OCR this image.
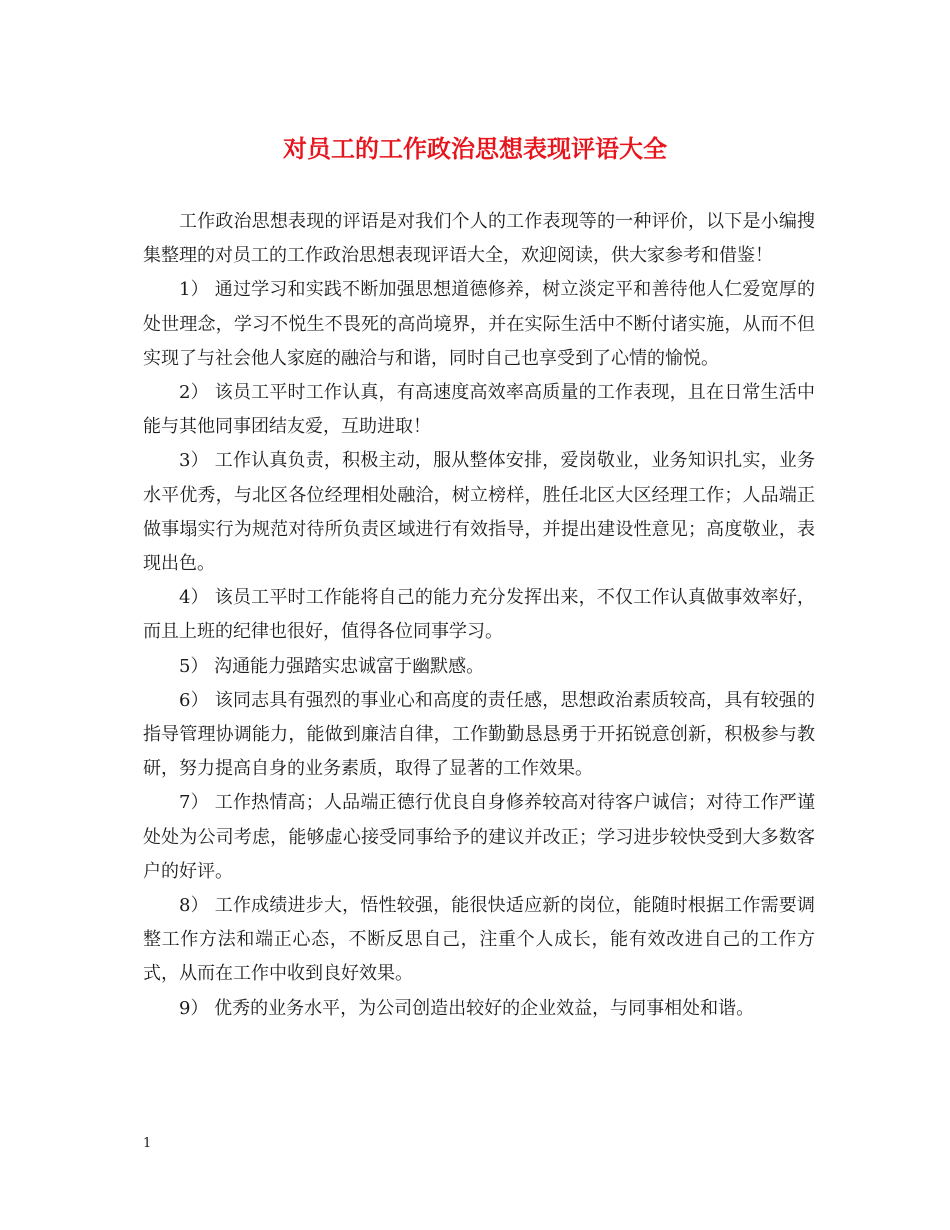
对员工的工作政治思想表现评语大全

工作政治思想表现的评语是对我们个人的工作表现等的一种评价，以下是小编搜集整理的对员工的工作政治思想表现评语大全，欢迎阅读，供大家参考和借鉴！

1） 通过学习和实践不断加强思想道德修养，树立淡定平和善待他人仁爱宽厚的处世理念，学习不悦生不畏死的高尚境界，并在实际生活中不断付诸实施，从而不但实现了与社会他人家庭的融洽与和谐，同时自己也享受到了心情的愉悦。

2） 该员工平时工作认真，有高速度高效率高质量的工作表现，且在日常生活中能与其他同事团结友爱，互助进取！

3） 工作认真负责，积极主动，服从整体安排，爱岗敬业，业务知识扎实，业务水平优秀，与北区各位经理相处融洽，树立榜样，胜任北区大区经理工作；人品端正做事塌实行为规范对待所负责区域进行有效指导，并提出建设性意见；高度敬业，表现出色。

4） 该员工平时工作能将自己的能力充分发挥出来，不仅工作认真做事效率好，而且上班的纪律也很好，值得各位同事学习。

5） 沟通能力强踏实忠诚富于幽默感。

6） 该同志具有强烈的事业心和高度的责任感，思想政治素质较高，具有较强的指导管理协调能力，能做到廉洁自律，工作勤勤恳恳勇于开拓锐意创新，积极参与教研，努力提高自身的业务素质，取得了显著的工作效果。

7） 工作热情高；人品端正德行优良自身修养较高对待客户诚信；对待工作严谨处处为公司考虑，能够虚心接受同事给予的建议并改正；学习进步较快受到大多数客户的好评。

8） 工作成绩进步大，悟性较强，能很快适应新的岗位，能随时根据工作需要调整工作方法和端正心态，不断反思自己，注重个人成长，能有效改进自己的工作方式，从而在工作中收到良好效果。

9） 优秀的业务水平，为公司创造出较好的企业效益，与同事相处和谐。

1
